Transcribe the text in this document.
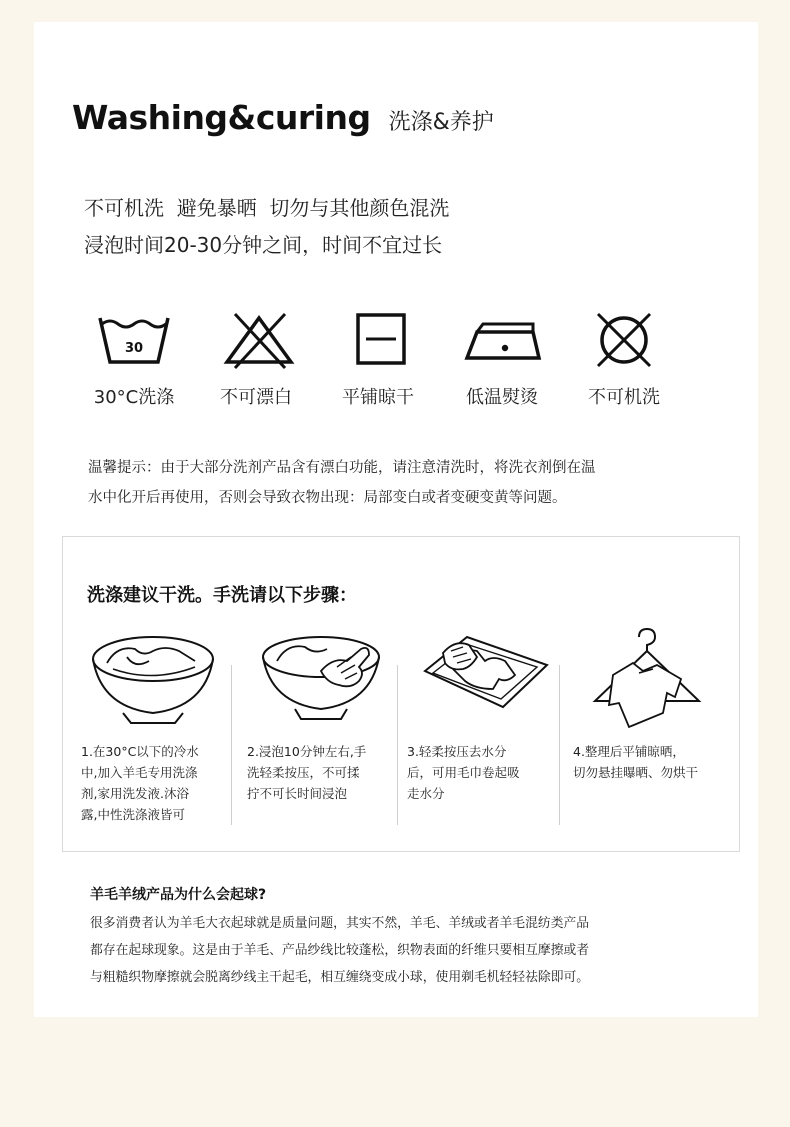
Washing&curing 洗涤&养护
不可机洗  避免暴晒  切勿与其他颜色混洗
浸泡时间20-30分钟之间，时间不宜过长
30
30°C洗涤	不可漂白	平铺晾干	低温熨烫	不可机洗
温馨提示：由于大部分洗剂产品含有漂白功能，请注意清洗时，将洗衣剂倒在温
水中化开后再使用，否则会导致衣物出现：局部变白或者变硬变黄等问题。
洗涤建议干洗。手洗请以下步骤：
1.在30°C以下的冷水
中,加入羊毛专用洗涤
剂,家用洗发液.沐浴
露,中性洗涤液皆可
2.浸泡10分钟左右,手
洗轻柔按压，不可揉
拧不可长时间浸泡
3.轻柔按压去水分
后，可用毛巾卷起吸
走水分
4.整理后平铺晾晒，
切勿悬挂曝晒、勿烘干
羊毛羊绒产品为什么会起球?
很多消费者认为羊毛大衣起球就是质量问题，其实不然，羊毛、羊绒或者羊毛混纺类产品
都存在起球现象。这是由于羊毛、产品纱线比较蓬松，织物表面的纤维只要相互摩擦或者
与粗糙织物摩擦就会脱离纱线主干起毛，相互缠绕变成小球，使用剃毛机轻轻祛除即可。
